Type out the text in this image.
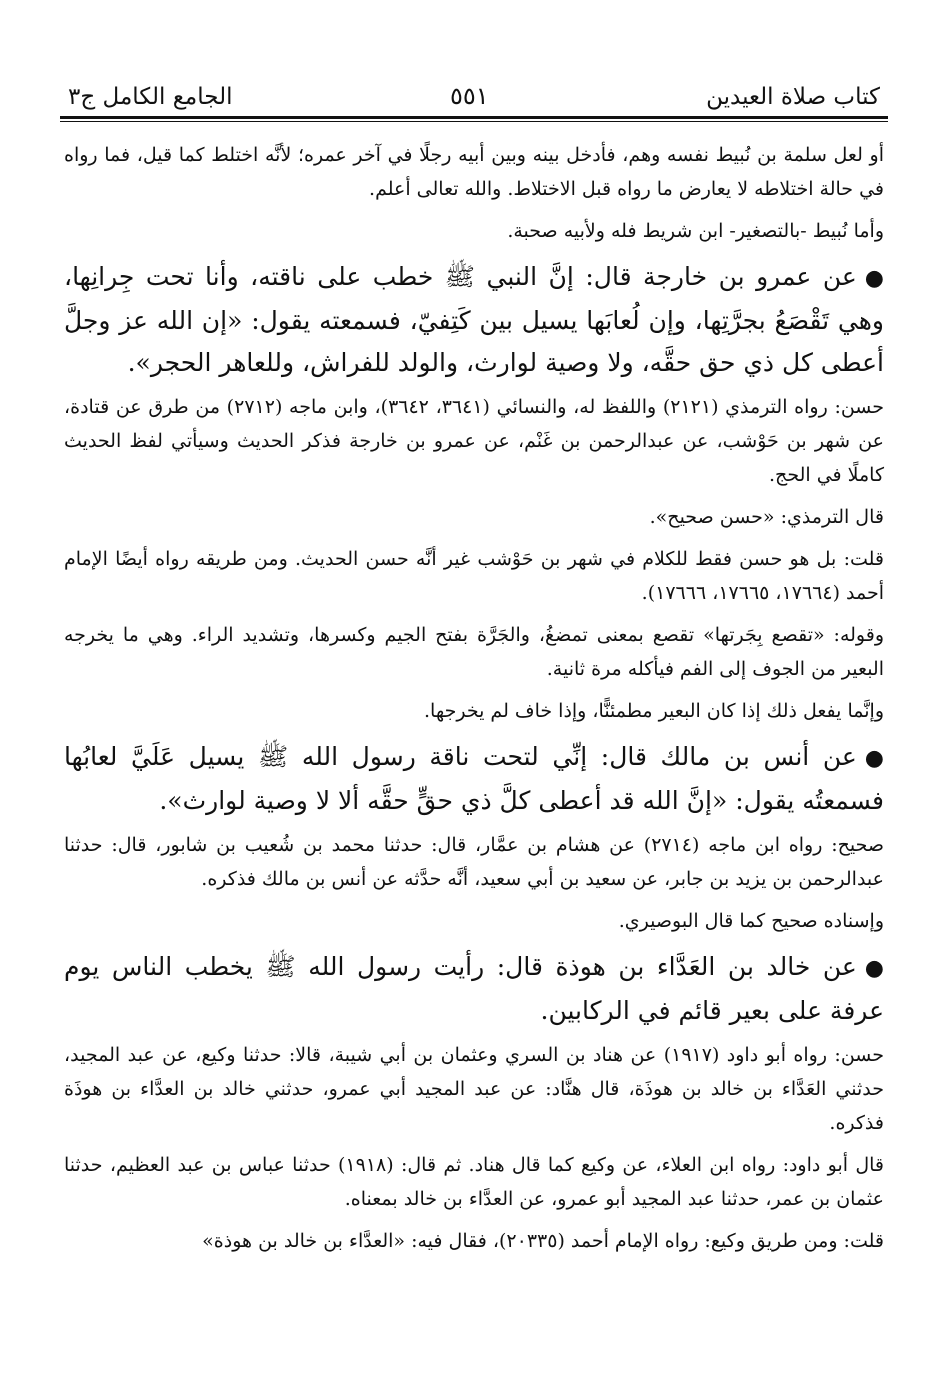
كتاب صلاة العيدين
٥٥١
الجامع الكامل ج٣

أو لعل سلمة بن نُبيط نفسه وهم، فأدخل بينه وبين أبيه رجلًا في آخر عمره؛ لأنَّه اختلط كما قيل، فما رواه في حالة اختلاطه لا يعارض ما رواه قبل الاختلاط. والله تعالى أعلم.

وأما نُبيط -بالتصغير- ابن شريط فله ولأبيه صحبة.

●عن عمرو بن خارجة قال: إنَّ النبي ﷺ خطب على ناقته، وأنا تحت جِرانِها، وهي تَقْصَعُ بجرَّتِها، وإن لُعابَها يسيل بين كَتِفيّ، فسمعته يقول: «إن الله عز وجلَّ أعطى كل ذي حق حقَّه، ولا وصية لوارث، والولد للفراش، وللعاهر الحجر».

حسن: رواه الترمذي (٢١٢١) واللفظ له، والنسائي (٣٦٤١، ٣٦٤٢)، وابن ماجه (٢٧١٢) من طرق عن قتادة، عن شهر بن حَوْشب، عن عبدالرحمن بن غَنْم، عن عمرو بن خارجة فذكر الحديث وسيأتي لفظ الحديث كاملًا في الحج.

قال الترمذي: «حسن صحيح».

قلت: بل هو حسن فقط للكلام في شهر بن حَوْشب غير أنَّه حسن الحديث. ومن طريقه رواه أيضًا الإمام أحمد (١٧٦٦٤، ١٧٦٦٥، ١٧٦٦٦).

وقوله: «تقصع بِجَرتها» تقصع بمعنى تمضغُ، والجَرَّة بفتح الجيم وكسرها، وتشديد الراء. وهي ما يخرجه البعير من الجوف إلى الفم فيأكله مرة ثانية.

وإنَّما يفعل ذلك إذا كان البعير مطمئنًّا، وإذا خاف لم يخرجها.

●عن أنس بن مالك قال: إنِّي لتحت ناقة رسول الله ﷺ يسيل عَلَيَّ لعابُها فسمعتُه يقول: «إنَّ الله قد أعطى كلَّ ذي حقٍّ حقَّه ألا لا وصية لوارث».

صحيح: رواه ابن ماجه (٢٧١٤) عن هشام بن عمَّار، قال: حدثنا محمد بن شُعيب بن شابور، قال: حدثنا عبدالرحمن بن يزيد بن جابر، عن سعيد بن أبي سعيد، أنَّه حدَّثه عن أنس بن مالك فذكره.

وإسناده صحيح كما قال البوصيري.

●عن خالد بن العَدَّاء بن هوذة قال: رأيت رسول الله ﷺ يخطب الناس يوم عرفة على بعير قائم في الركابين.

حسن: رواه أبو داود (١٩١٧) عن هناد بن السري وعثمان بن أبي شيبة، قالا: حدثنا وكيع، عن عبد المجيد، حدثني العَدَّاء بن خالد بن هوذَة، قال هنَّاد: عن عبد المجيد أبي عمرو، حدثني خالد بن العدَّاء بن هوذَة فذكره.

قال أبو داود: رواه ابن العلاء، عن وكيع كما قال هناد. ثم قال: (١٩١٨) حدثنا عباس بن عبد العظيم، حدثنا عثمان بن عمر، حدثنا عبد المجيد أبو عمرو، عن العدَّاء بن خالد بمعناه.

قلت: ومن طريق وكيع: رواه الإمام أحمد (٢٠٣٣٥)، فقال فيه: «العدَّاء بن خالد بن هوذة»
